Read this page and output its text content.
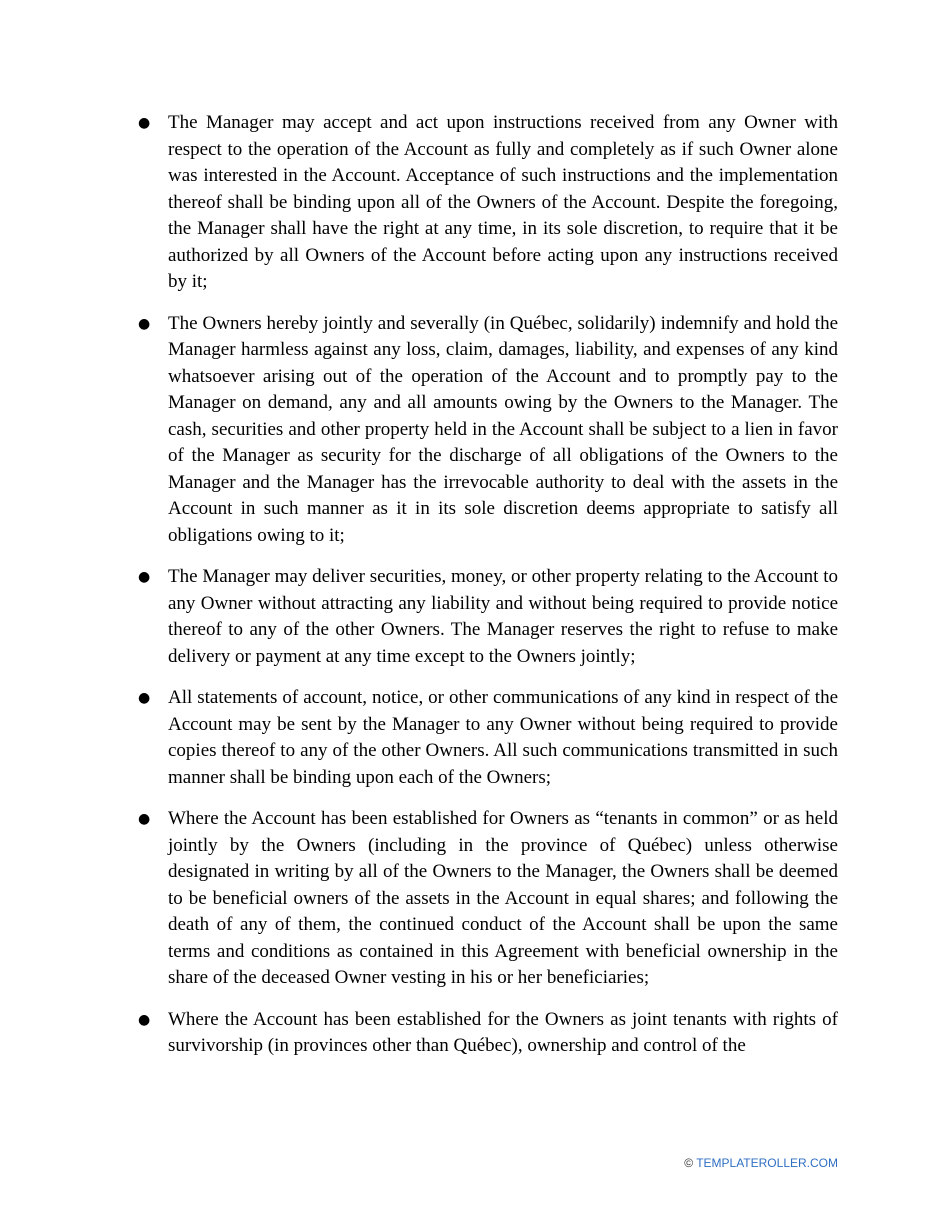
● The Manager may accept and act upon instructions received from any Owner with respect to the operation of the Account as fully and completely as if such Owner alone was interested in the Account. Acceptance of such instructions and the implementation thereof shall be binding upon all of the Owners of the Account. Despite the foregoing, the Manager shall have the right at any time, in its sole discretion, to require that it be authorized by all Owners of the Account before acting upon any instructions received by it;
● The Owners hereby jointly and severally (in Québec, solidarily) indemnify and hold the Manager harmless against any loss, claim, damages, liability, and expenses of any kind whatsoever arising out of the operation of the Account and to promptly pay to the Manager on demand, any and all amounts owing by the Owners to the Manager. The cash, securities and other property held in the Account shall be subject to a lien in favor of the Manager as security for the discharge of all obligations of the Owners to the Manager and the Manager has the irrevocable authority to deal with the assets in the Account in such manner as it in its sole discretion deems appropriate to satisfy all obligations owing to it;
● The Manager may deliver securities, money, or other property relating to the Account to any Owner without attracting any liability and without being required to provide notice thereof to any of the other Owners. The Manager reserves the right to refuse to make delivery or payment at any time except to the Owners jointly;
● All statements of account, notice, or other communications of any kind in respect of the Account may be sent by the Manager to any Owner without being required to provide copies thereof to any of the other Owners. All such communications transmitted in such manner shall be binding upon each of the Owners;
● Where the Account has been established for Owners as “tenants in common” or as held jointly by the Owners (including in the province of Québec) unless otherwise designated in writing by all of the Owners to the Manager, the Owners shall be deemed to be beneficial owners of the assets in the Account in equal shares; and following the death of any of them, the continued conduct of the Account shall be upon the same terms and conditions as contained in this Agreement with beneficial ownership in the share of the deceased Owner vesting in his or her beneficiaries;
● Where the Account has been established for the Owners as joint tenants with rights of survivorship (in provinces other than Québec), ownership and control of the
© TEMPLATEROLLER.COM
